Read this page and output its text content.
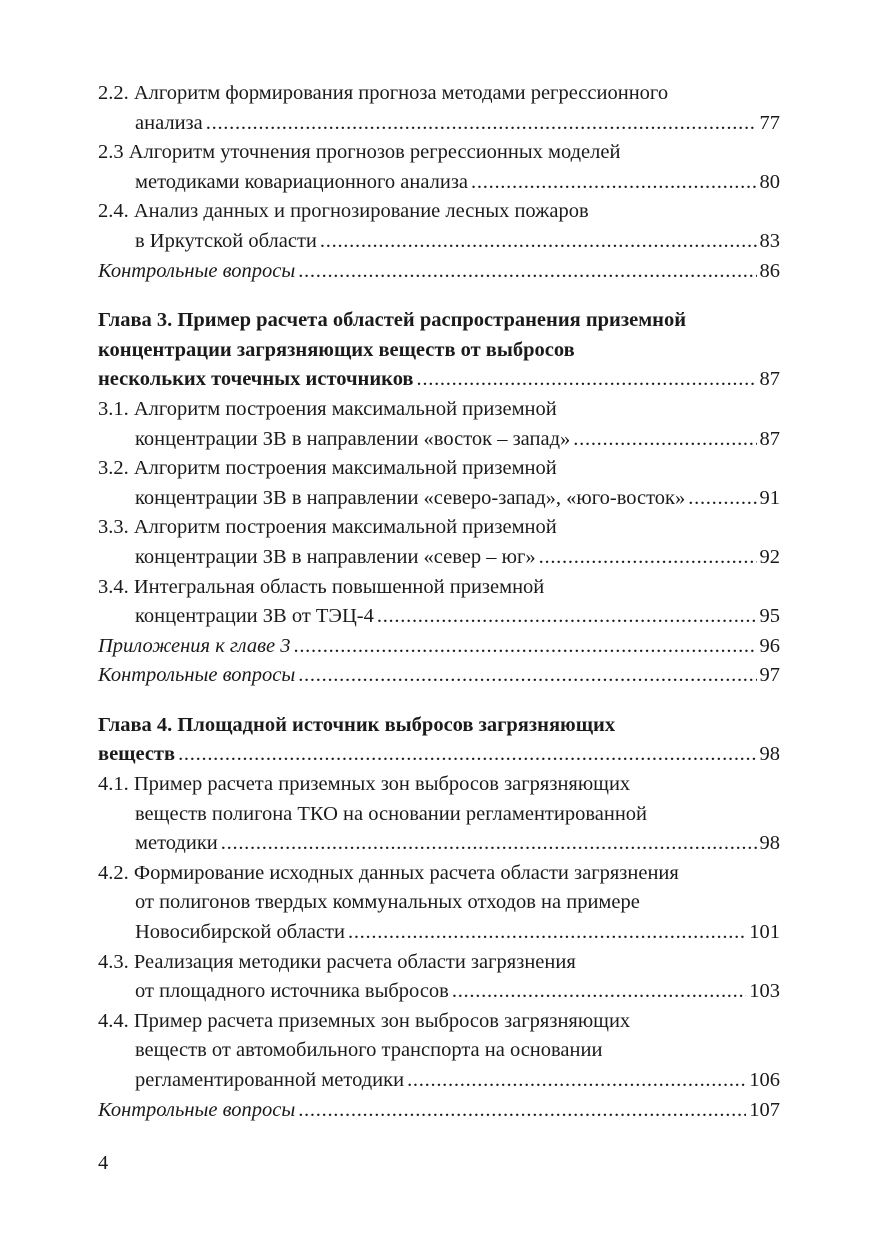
2.2. Алгоритм формирования прогноза методами регрессионного
анализа . . .	77
2.3 Алгоритм уточнения прогнозов регрессионных моделей
методиками ковариационного анализа . . .	80
2.4. Анализ данных и прогнозирование лесных пожаров
в Иркутской области . . .	83
Контрольные вопросы . . .	86
Глава 3. Пример расчета областей распространения приземной
концентрации загрязняющих веществ от выбросов
нескольких точечных источников . . .	87
3.1. Алгоритм построения максимальной приземной
концентрации ЗВ в направлении «восток – запад» . . .	87
3.2. Алгоритм построения максимальной приземной
концентрации ЗВ в направлении «северо-запад», «юго-восток» . . .	91
3.3. Алгоритм построения максимальной приземной
концентрации ЗВ в направлении «север – юг» . . .	92
3.4. Интегральная область повышенной приземной
концентрации ЗВ от ТЭЦ-4 . . .	95
Приложения к главе 3 . . .	96
Контрольные вопросы . . .	97
Глава 4. Площадной источник выбросов загрязняющих
веществ . . .	98
4.1. Пример расчета приземных зон выбросов загрязняющих
веществ полигона ТКО на основании регламентированной
методики . . .	98
4.2. Формирование исходных данных расчета области загрязнения
от полигонов твердых коммунальных отходов на примере
Новосибирской области . . .	101
4.3. Реализация методики расчета области загрязнения
от площадного источника выбросов . . .	103
4.4. Пример расчета приземных зон выбросов загрязняющих
веществ от автомобильного транспорта на основании
регламентированной методики . . .	106
Контрольные вопросы . . .	107
4
